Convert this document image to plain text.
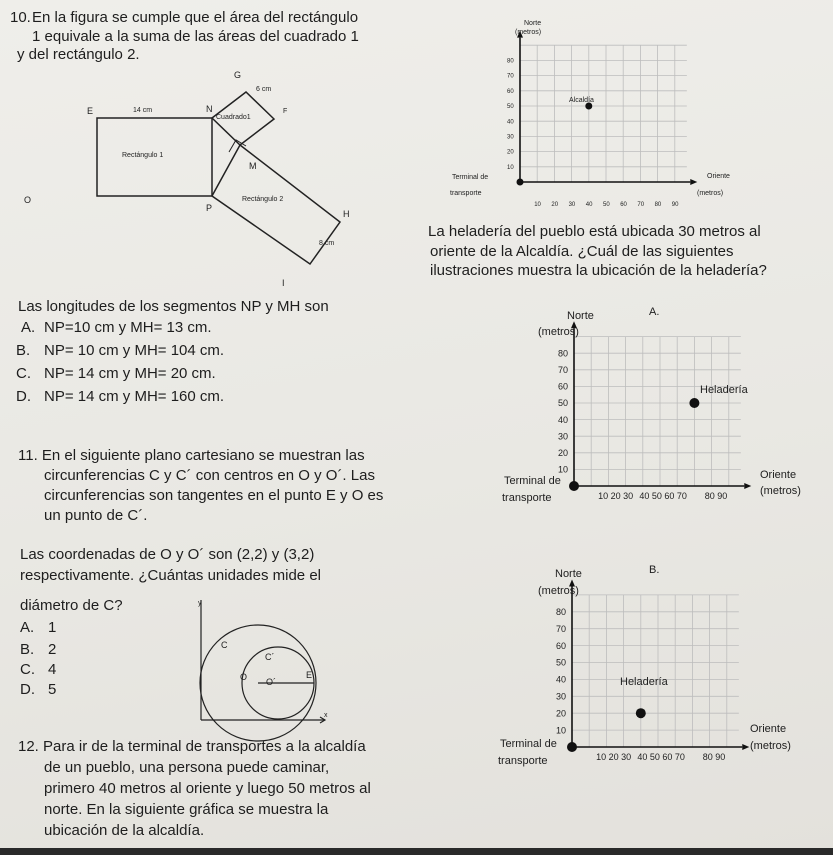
10. En la figura se cumple que el área del rectángulo
1 equivale a la suma de las áreas del cuadrado 1
y del rectángulo 2.
G
6 cm
E	14 cm	N	F
Cuadrado1
Rectángulo 1
M
O
P
Rectángulo 2
H
8 cm
I
Las longitudes de los segmentos NP y MH son
A. NP=10 cm y MH= 13 cm.
B. NP= 10 cm y MH= 104 cm.
C. NP= 14 cm y MH= 20 cm.
D. NP= 14 cm y MH= 160 cm.
80
70
60
50
40
30
20
10
10 20 30 40 50 60 70 80 90
Norte
(metros)
Alcaldía
Terminal de
transporte
Oriente
(metros)
La heladería del pueblo está ubicada 30 metros al
oriente de la Alcaldía. ¿Cuál de las siguientes
ilustraciones muestra la ubicación de la heladería?
80
70
60
50
40
30
20
10
10 20 30 40 50 60 70 80 90
A.
Norte
(metros)
Heladería
Terminal de
transporte
Oriente
(metros)
11. En el siguiente plano cartesiano se muestran las
circunferencias C y C´ con centros en O y O´. Las
circunferencias son tangentes en el punto E y O es
un punto de C´.
Las coordenadas de O y O´ son (2,2) y (3,2)
respectivamente. ¿Cuántas unidades mide el
diámetro de C?	y
x
C
C´
O O´
E
A. 1
B. 2
C. 4
D. 5
80
70
60
50
40
30
20
10
10 20 30 40 50 60 70 80 90
B.
Norte
(metros)
Heladería
Terminal de
transporte
Oriente
(metros)
12. Para ir de la terminal de transportes a la alcaldía
de un pueblo, una persona puede caminar,
primero 40 metros al oriente y luego 50 metros al
norte. En la siguiente gráfica se muestra la
ubicación de la alcaldía.
